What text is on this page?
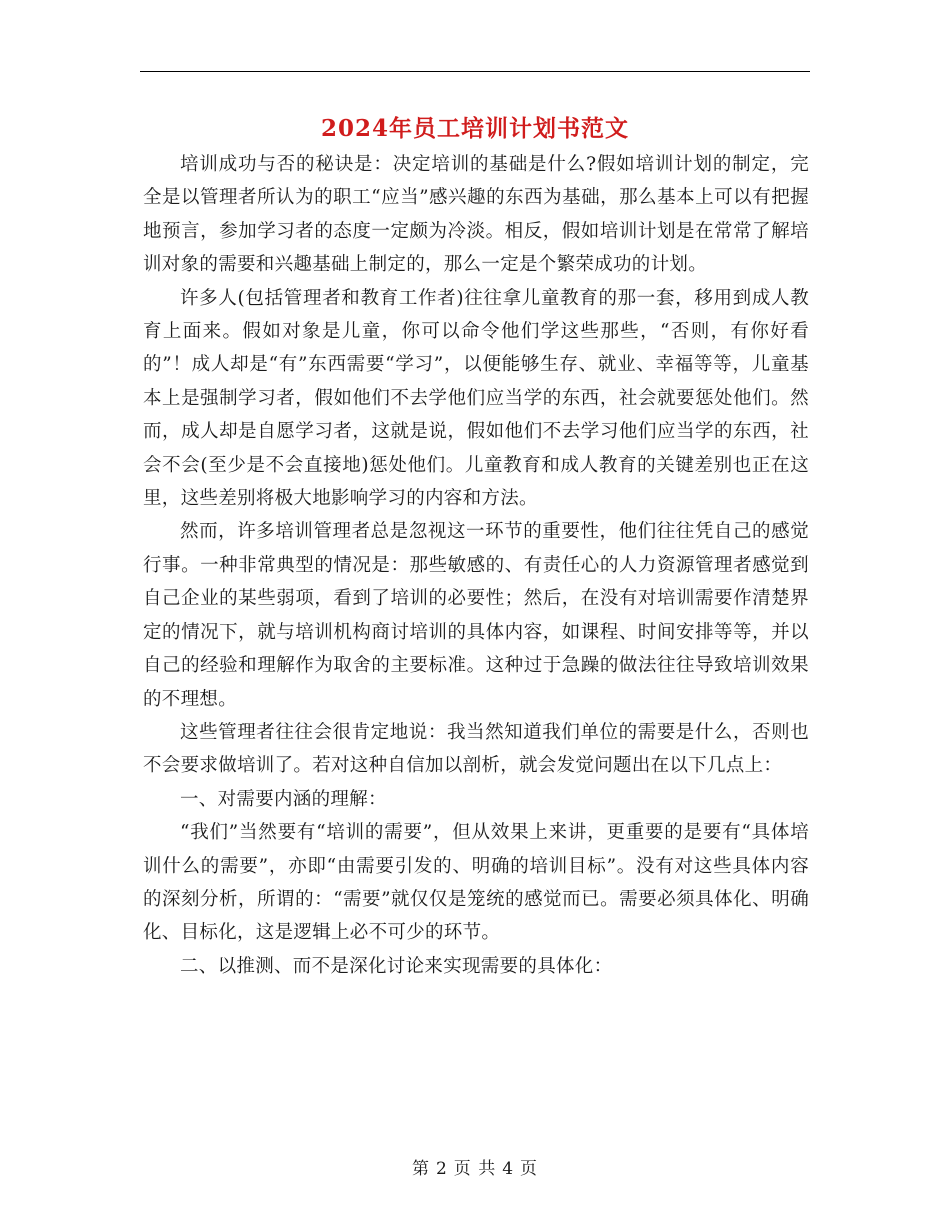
2024年员工培训计划书范文

培训成功与否的秘诀是：决定培训的基础是什么?假如培训计划的制定，完全是以管理者所认为的职工“应当”感兴趣的东西为基础，那么基本上可以有把握地预言，参加学习者的态度一定颇为冷淡。相反，假如培训计划是在常常了解培训对象的需要和兴趣基础上制定的，那么一定是个繁荣成功的计划。

许多人(包括管理者和教育工作者)往往拿儿童教育的那一套，移用到成人教育上面来。假如对象是儿童，你可以命令他们学这些那些，“否则，有你好看的”！成人却是“有”东西需要“学习”，以便能够生存、就业、幸福等等，儿童基本上是强制学习者，假如他们不去学他们应当学的东西，社会就要惩处他们。然而，成人却是自愿学习者，这就是说，假如他们不去学习他们应当学的东西，社会不会(至少是不会直接地)惩处他们。儿童教育和成人教育的关键差别也正在这里，这些差别将极大地影响学习的内容和方法。

然而，许多培训管理者总是忽视这一环节的重要性，他们往往凭自己的感觉行事。一种非常典型的情况是：那些敏感的、有责任心的人力资源管理者感觉到自己企业的某些弱项，看到了培训的必要性；然后，在没有对培训需要作清楚界定的情况下，就与培训机构商讨培训的具体内容，如课程、时间安排等等，并以自己的经验和理解作为取舍的主要标准。这种过于急躁的做法往往导致培训效果的不理想。

这些管理者往往会很肯定地说：我当然知道我们单位的需要是什么，否则也不会要求做培训了。若对这种自信加以剖析，就会发觉问题出在以下几点上：

一、对需要内涵的理解：

“我们”当然要有“培训的需要”，但从效果上来讲，更重要的是要有“具体培训什么的需要”，亦即“由需要引发的、明确的培训目标”。没有对这些具体内容的深刻分析，所谓的：“需要”就仅仅是笼统的感觉而已。需要必须具体化、明确化、目标化，这是逻辑上必不可少的环节。

二、以推测、而不是深化讨论来实现需要的具体化：

第 2 页 共 4 页
